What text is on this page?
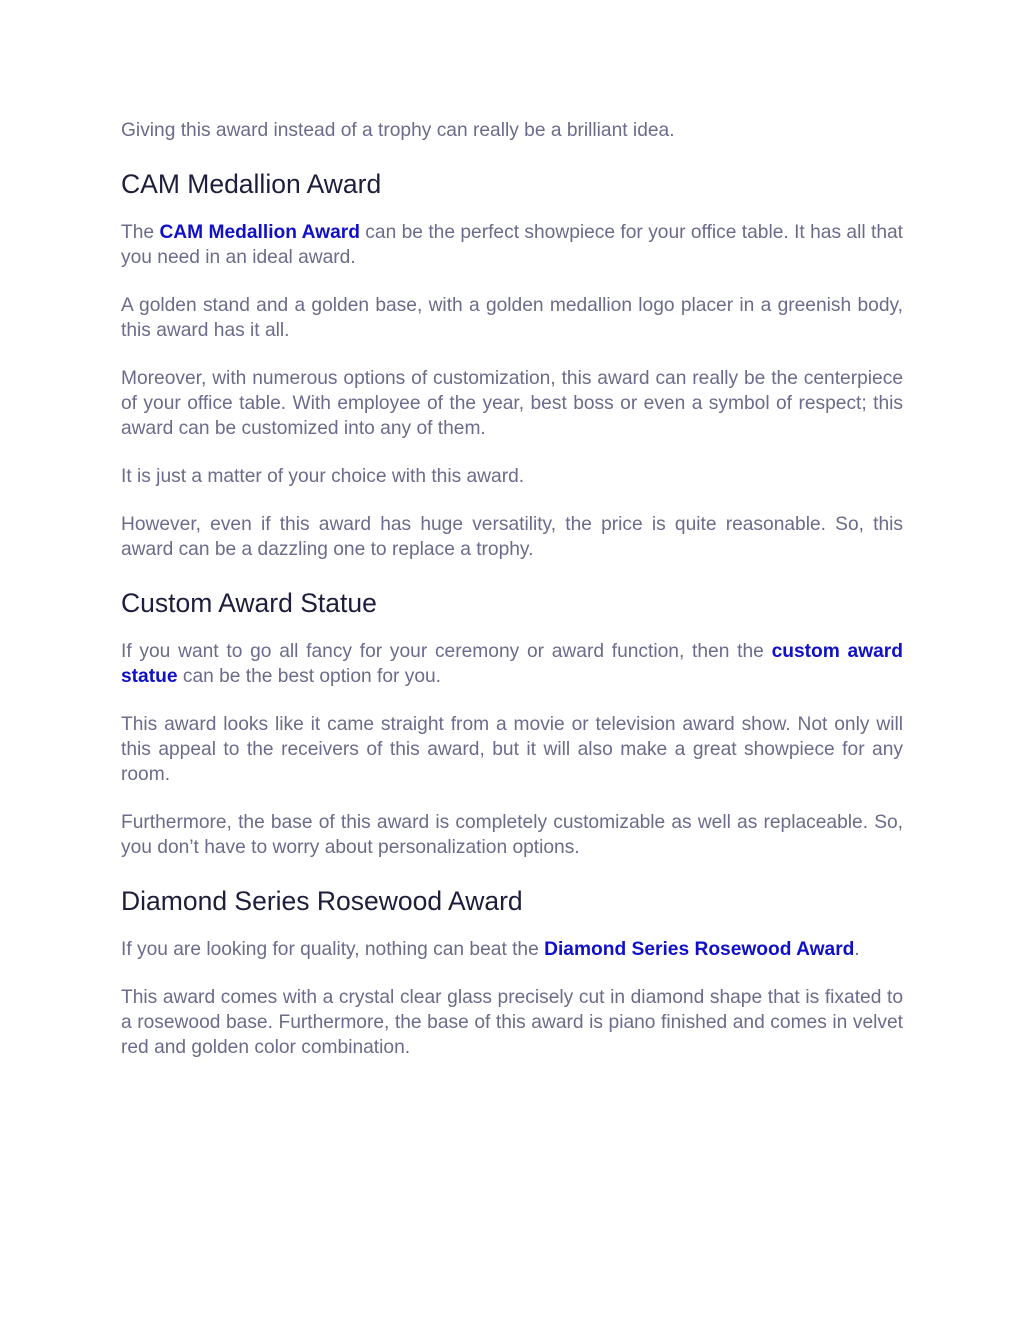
Giving this award instead of a trophy can really be a brilliant idea.

CAM Medallion Award

The CAM Medallion Award can be the perfect showpiece for your office table. It has all that you need in an ideal award.

A golden stand and a golden base, with a golden medallion logo placer in a greenish body, this award has it all.

Moreover, with numerous options of customization, this award can really be the centerpiece of your office table. With employee of the year, best boss or even a symbol of respect; this award can be customized into any of them.

It is just a matter of your choice with this award.

However, even if this award has huge versatility, the price is quite reasonable. So, this award can be a dazzling one to replace a trophy.

Custom Award Statue

If you want to go all fancy for your ceremony or award function, then the custom award statue can be the best option for you.

This award looks like it came straight from a movie or television award show. Not only will this appeal to the receivers of this award, but it will also make a great showpiece for any room.

Furthermore, the base of this award is completely customizable as well as replaceable. So, you don’t have to worry about personalization options.

Diamond Series Rosewood Award

If you are looking for quality, nothing can beat the Diamond Series Rosewood Award.

This award comes with a crystal clear glass precisely cut in diamond shape that is fixated to a rosewood base. Furthermore, the base of this award is piano finished and comes in velvet red and golden color combination.
